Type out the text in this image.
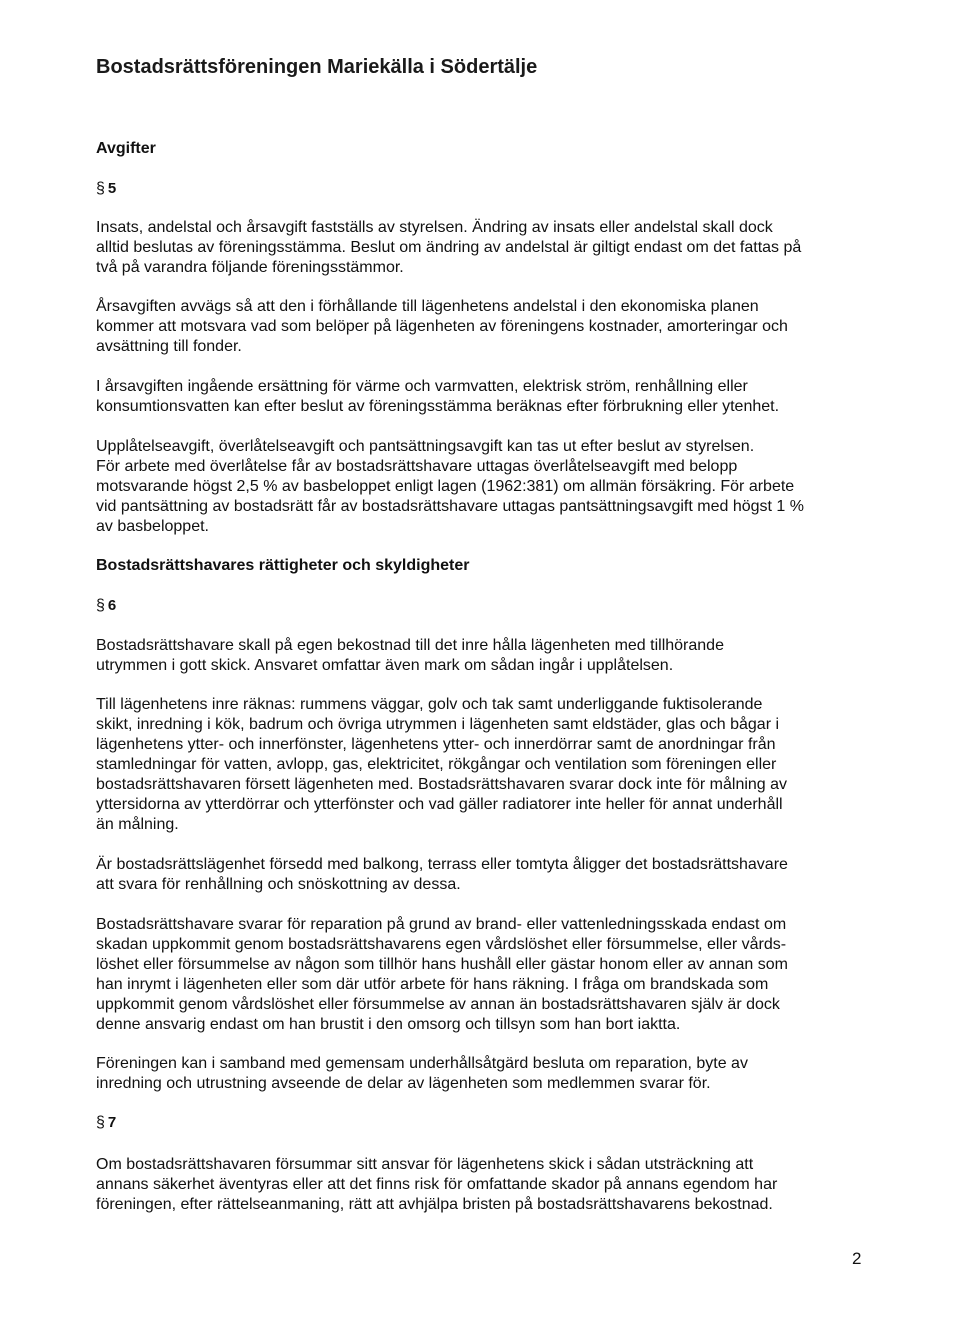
Bostadsrättsföreningen Mariekälla i Södertälje
Avgifter
§ 5

Insats, andelstal och årsavgift fastställs av styrelsen. Ändring av insats eller andelstal skall dock
alltid beslutas av föreningsstämma. Beslut om ändring av andelstal är giltigt endast om det fattas på
två på varandra följande föreningsstämmor.

Årsavgiften avvägs så att den i förhållande till lägenhetens andelstal i den ekonomiska planen
kommer att motsvara vad som belöper på lägenheten av föreningens kostnader, amorteringar och
avsättning till fonder.

I årsavgiften ingående ersättning för värme och varmvatten, elektrisk ström, renhållning eller
konsumtionsvatten kan efter beslut av föreningsstämma beräknas efter förbrukning eller ytenhet.

Upplåtelseavgift, överlåtelseavgift och pantsättningsavgift kan tas ut efter beslut av styrelsen.
För arbete med överlåtelse får av bostadsrättshavare uttagas överlåtelseavgift med belopp
motsvarande högst 2,5 % av basbeloppet enligt lagen (1962:381) om allmän försäkring. För arbete
vid pantsättning av bostadsrätt får av bostadsrättshavare uttagas pantsättningsavgift med högst 1 %
av basbeloppet.

Bostadsrättshavares rättigheter och skyldigheter
§ 6

Bostadsrättshavare skall på egen bekostnad till det inre hålla lägenheten med tillhörande
utrymmen i gott skick. Ansvaret omfattar även mark om sådan ingår i upplåtelsen.

Till lägenhetens inre räknas: rummens väggar, golv och tak samt underliggande fuktisolerande
skikt, inredning i kök, badrum och övriga utrymmen i lägenheten samt eldstäder, glas och bågar i
lägenhetens ytter- och innerfönster, lägenhetens ytter- och innerdörrar samt de anordningar från
stamledningar för vatten, avlopp, gas, elektricitet, rökgångar och ventilation som föreningen eller
bostadsrättshavaren försett lägenheten med. Bostadsrättshavaren svarar dock inte för målning av
yttersidorna av ytterdörrar och ytterfönster och vad gäller radiatorer inte heller för annat underhåll
än målning.

Är bostadsrättslägenhet försedd med balkong, terrass eller tomtyta åligger det bostadsrättshavare
att svara för renhållning och snöskottning av dessa.

Bostadsrättshavare svarar för reparation på grund av brand- eller vattenledningsskada endast om
skadan uppkommit genom bostadsrättshavarens egen vårdslöshet eller försummelse, eller vårds-
löshet eller försummelse av någon som tillhör hans hushåll eller gästar honom eller av annan som
han inrymt i lägenheten eller som där utför arbete för hans räkning. I fråga om brandskada som
uppkommit genom vårdslöshet eller försummelse av annan än bostadsrättshavaren själv är dock
denne ansvarig endast om han brustit i den omsorg och tillsyn som han bort iaktta.

Föreningen kan i samband med gemensam underhållsåtgärd besluta om reparation, byte av
inredning och utrustning avseende de delar av lägenheten som medlemmen svarar för.

§ 7

Om bostadsrättshavaren försummar sitt ansvar för lägenhetens skick i sådan utsträckning att
annans säkerhet äventyras eller att det finns risk för omfattande skador på annans egendom har
föreningen, efter rättelseanmaning, rätt att avhjälpa bristen på bostadsrättshavarens bekostnad.

2
